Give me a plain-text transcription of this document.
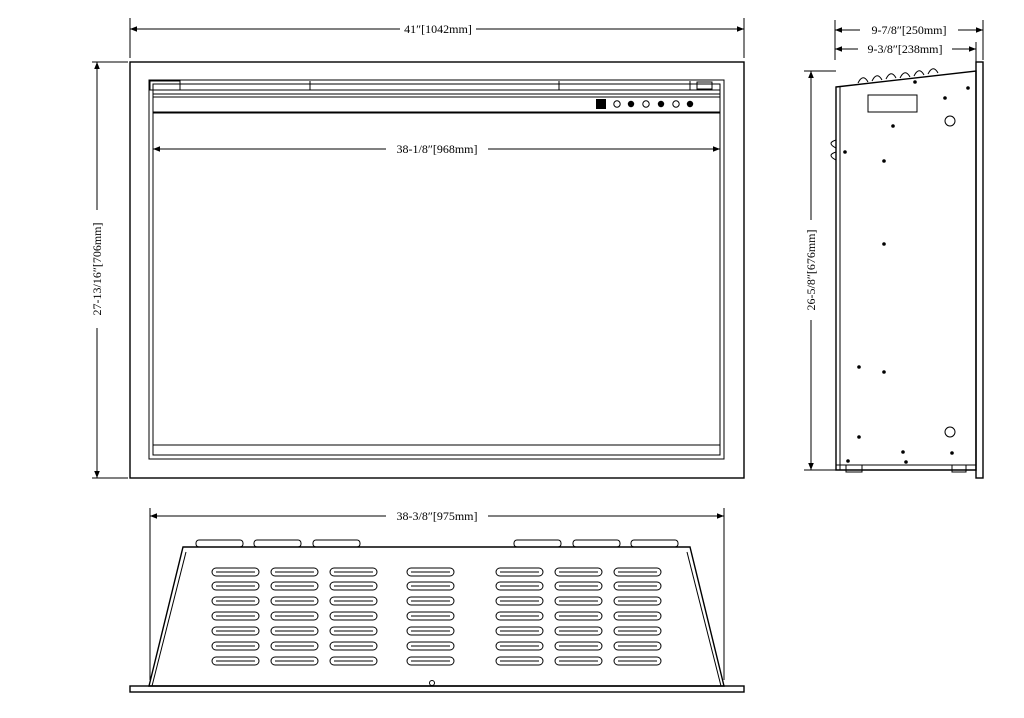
41″[1042mm]
38-1/8″[968mm]
27-13/16″[706mm]
9-7/8″[250mm]
9-3/8″[238mm]
26-5/8″[676mm]
38-3/8″[975mm]
